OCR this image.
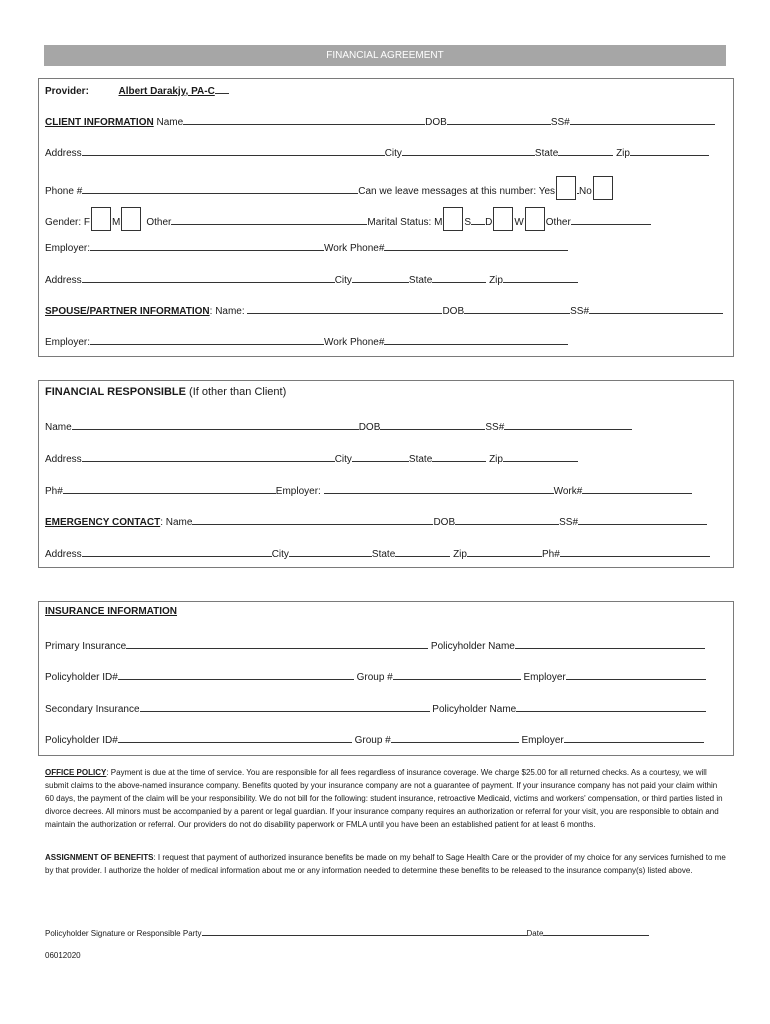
FINANCIAL AGREEMENT
Provider:	Albert Darakjy, PA-C
CLIENT INFORMATION Name	DOB	SS#
Address	City	State	Zip
Phone #	Can we leave messages at this number: Yes No
Gender: F M	Other	Marital Status: M S D W Other
Employer:	Work Phone#
Address	City	State	Zip
SPOUSE/PARTNER INFORMATION: Name:	DOB	SS#
Employer:	Work Phone#
FINANCIAL RESPONSIBLE (If other than Client)
Name	DOB	SS#
Address	City	State	Zip
Ph#	Employer:	Work#
EMERGENCY CONTACT: Name	DOB	SS#
Address	City	State	Zip	Ph#
INSURANCE INFORMATION
Primary Insurance	Policyholder Name
Policyholder ID#	Group #	Employer
Secondary Insurance	Policyholder Name
Policyholder ID#	Group #	Employer
OFFICE POLICY: Payment is due at the time of service. You are responsible for all fees regardless of insurance coverage. We charge $25.00 for all returned checks. As a courtesy, we will submit claims to the above-named insurance company. Benefits quoted by your insurance company are not a guarantee of payment. If your insurance company has not paid your claim within 60 days, the payment of the claim will be your responsibility. We do not bill for the following: student insurance, retroactive Medicaid, victims and workers' compensation, or third parties listed in divorce decrees. All minors must be accompanied by a parent or legal guardian. If your insurance company requires an authorization or referral for your visit, you are responsible to obtain and maintain the authorization or referral. Our providers do not do disability paperwork or FMLA until you have been an established patient for at least 6 months.
ASSIGNMENT OF BENEFITS: I request that payment of authorized insurance benefits be made on my behalf to Sage Health Care or the provider of my choice for any services furnished to me by that provider. I authorize the holder of medical information about me or any information needed to determine these benefits to be released to the insurance company(s) listed above.
Policyholder Signature or Responsible Party	Date
06012020
